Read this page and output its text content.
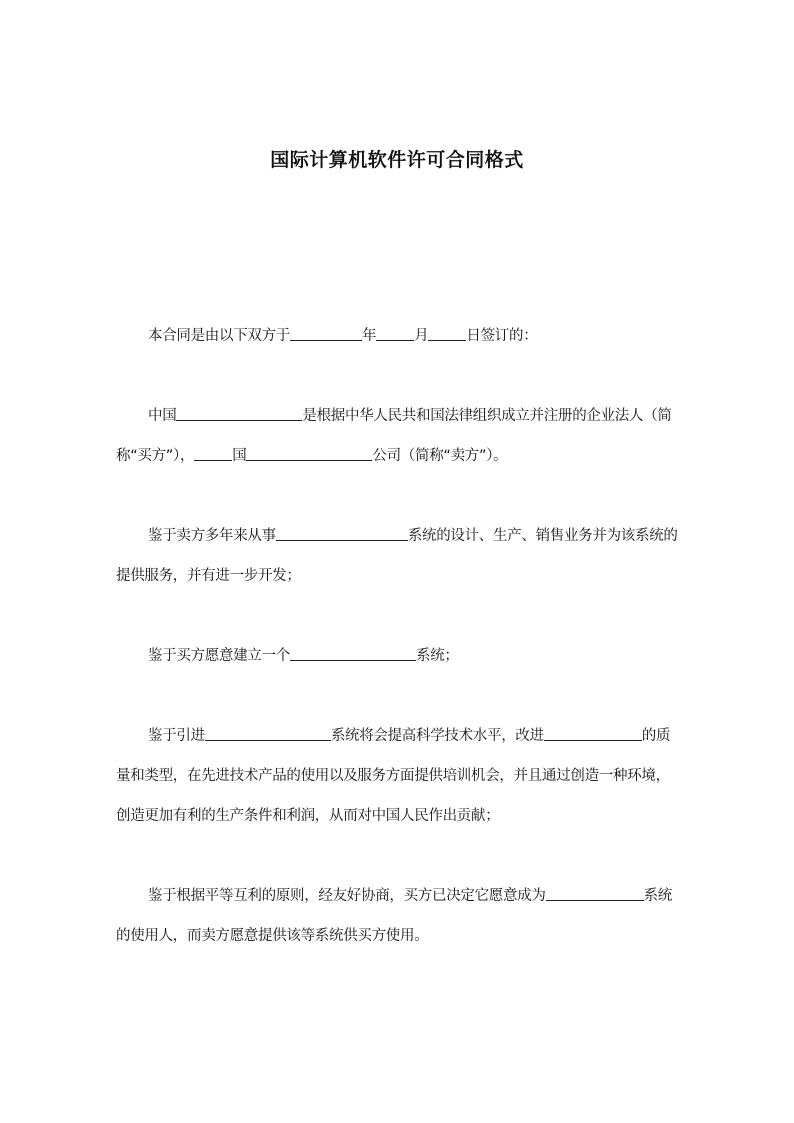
国际计算机软件许可合同格式
本合同是由以下双方于	年	月	日签订的：
中国	是根据中华人民共和国法律组织成立并注册的企业法人（简称“买方”），	国	公司（简称“卖方”）。
鉴于卖方多年来从事	系统的设计、生产、销售业务并为该系统的提供服务，并有进一步开发；
鉴于买方愿意建立一个	系统；
鉴于引进	系统将会提高科学技术水平，改进	的质量和类型，在先进技术产品的使用以及服务方面提供培训机会，并且通过创造一种环境，创造更加有利的生产条件和利润，从而对中国人民作出贡献；
鉴于根据平等互利的原则，经友好协商，买方已决定它愿意成为	系统的使用人，而卖方愿意提供该等系统供买方使用。
